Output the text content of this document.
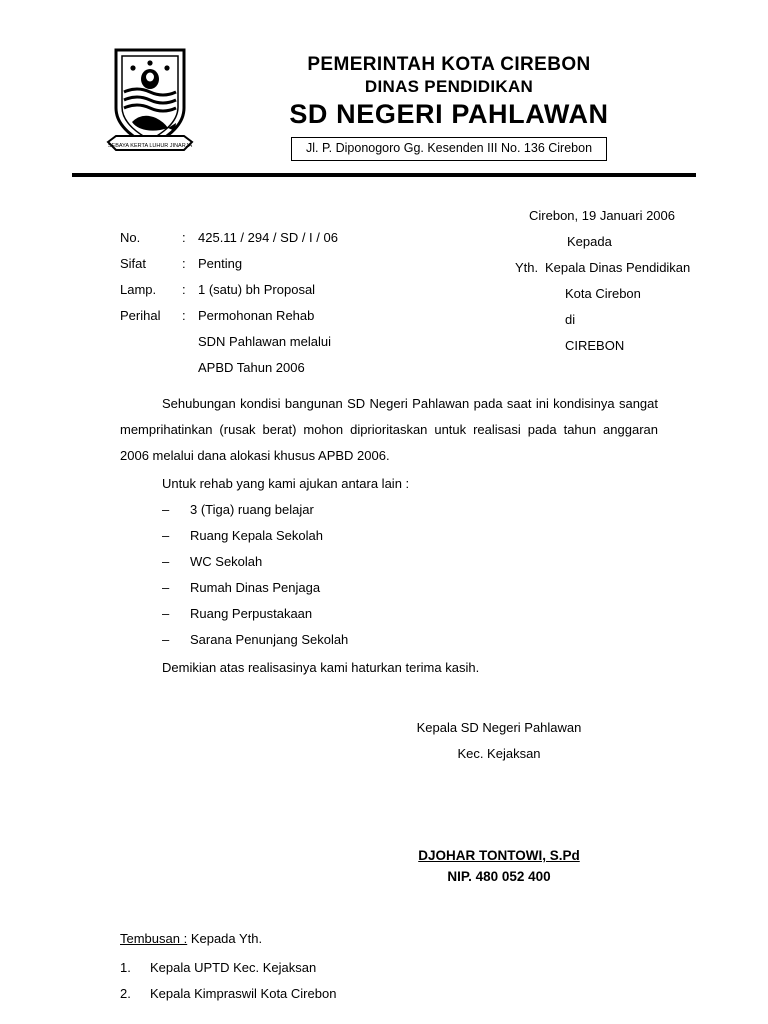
SEBAYA KERTA LUHUR JINARJA
PEMERINTAH KOTA CIREBON
DINAS PENDIDIKAN
SD NEGERI PAHLAWAN
Jl. P. Diponogoro Gg. Kesenden III No. 136 Cirebon
No.	: 425.11 / 294 / SD / I / 06
Sifat	: Penting
Lamp.	: 1 (satu) bh Proposal
Perihal	: Permohonan Rehab
SDN Pahlawan melalui
APBD Tahun 2006
Cirebon, 19 Januari 2006
Kepada
Yth. Kepala Dinas Pendidikan
Kota Cirebon
di
CIREBON
Sehubungan kondisi bangunan SD Negeri Pahlawan pada saat ini kondisinya sangat memprihatinkan (rusak berat) mohon diprioritaskan untuk realisasi pada tahun anggaran 2006 melalui dana alokasi khusus APBD 2006.
Untuk rehab yang kami ajukan antara lain :
– 3 (Tiga) ruang belajar
– Ruang Kepala Sekolah
– WC Sekolah
– Rumah Dinas Penjaga
– Ruang Perpustakaan
– Sarana Penunjang Sekolah
Demikian atas realisasinya kami haturkan terima kasih.
Kepala SD Negeri Pahlawan
Kec. Kejaksan
DJOHAR TONTOWI, S.Pd
NIP. 480 052 400
Tembusan : Kepada Yth.
1. Kepala UPTD Kec. Kejaksan
2. Kepala Kimpraswil Kota Cirebon
